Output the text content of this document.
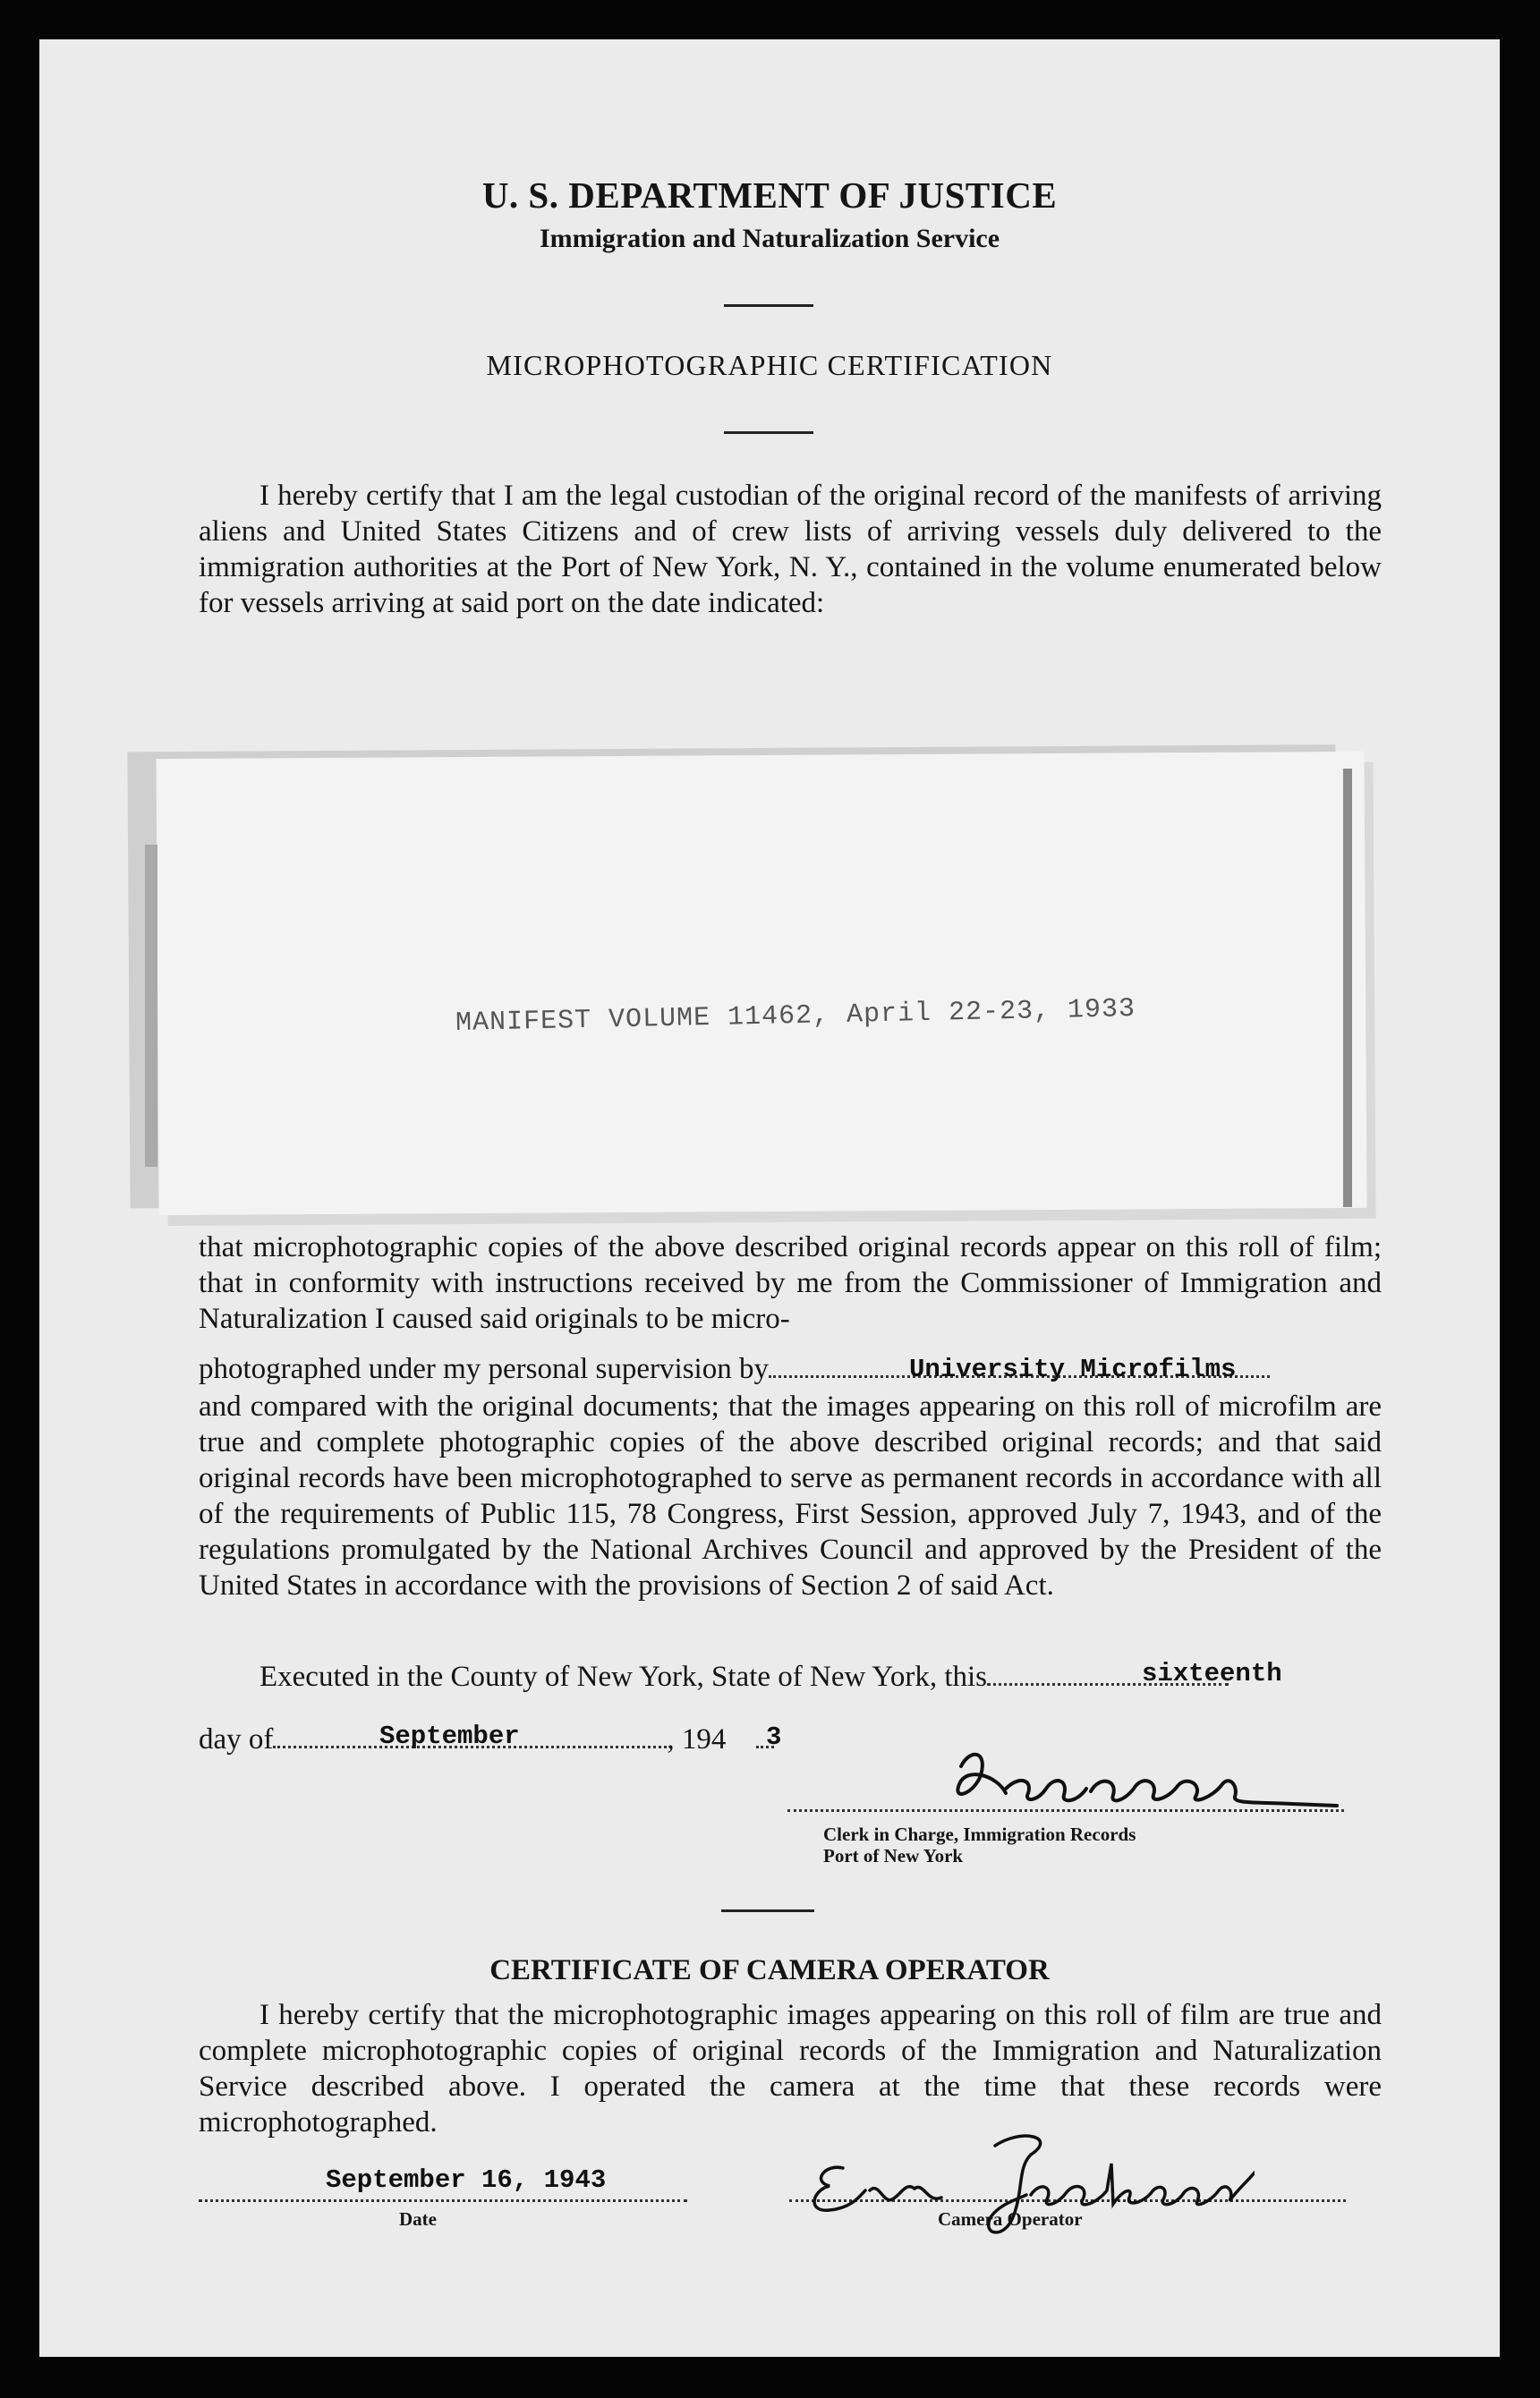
U. S. DEPARTMENT OF JUSTICE
Immigration and Naturalization Service
MICROPHOTOGRAPHIC CERTIFICATION
I hereby certify that I am the legal custodian of the original record of the manifests of arriving aliens and United States Citizens and of crew lists of arriving vessels duly delivered to the immigration authorities at the Port of New York, N. Y., contained in the volume enumerated below for vessels arriving at said port on the date indicated:
MANIFEST VOLUME 11462, April 22-23, 1933
that microphotographic copies of the above described original records appear on this roll of film; that in conformity with instructions received by me from the Commissioner of Immigration and Naturalization I caused said originals to be micro-
photographed under my personal supervision by	University Microfilms
and compared with the original documents; that the images appearing on this roll of microfilm are true and complete photographic copies of the above described original records; and that said original records have been microphotographed to serve as permanent records in accordance with all of the requirements of Public 115, 78 Congress, First Session, approved July 7, 1943, and of the regulations promulgated by the National Archives Council and approved by the President of the United States in accordance with the provisions of Section 2 of said Act.
Executed in the County of New York, State of New York, this	sixteenth
day of	, 194
September	3
Clerk in Charge, Immigration Records
Port of New York
CERTIFICATE OF CAMERA OPERATOR
I hereby certify that the microphotographic images appearing on this roll of film are true and complete microphotographic copies of original records of the Immigration and Naturalization Service described above. I operated the camera at the time that these records were microphotographed.
September 16, 1943
Date	Camera Operator
